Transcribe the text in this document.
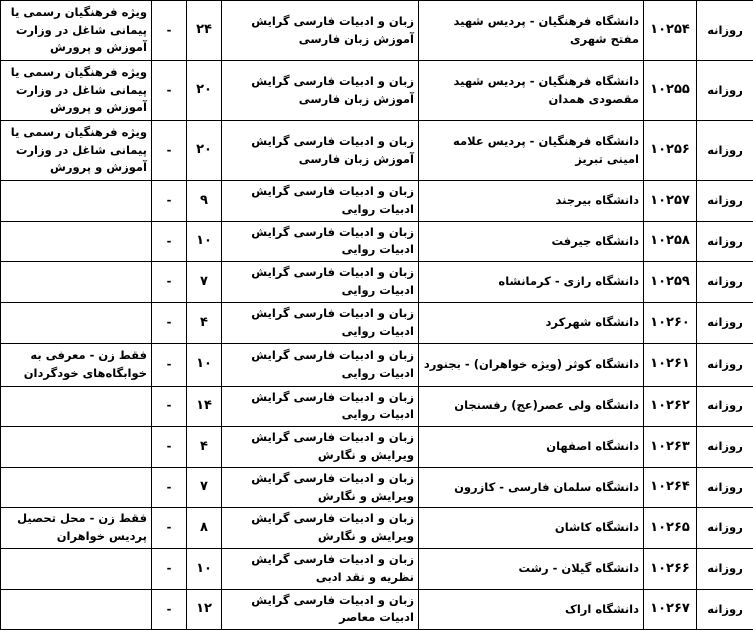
روزانه	۱۰۲۵۴	دانشگاه فرهنگیان - پردیس شهید مفتح شهری	زبان و ادبیات فارسی گرایش آموزش زبان فارسی	۲۴	-	ویژه فرهنگیان رسمی یا پیمانی شاغل در وزارت آموزش و پرورش
روزانه	۱۰۲۵۵	دانشگاه فرهنگیان - پردیس شهید مقصودی همدان	زبان و ادبیات فارسی گرایش آموزش زبان فارسی	۲۰	-	ویژه فرهنگیان رسمی یا پیمانی شاغل در وزارت آموزش و پرورش
روزانه	۱۰۲۵۶	دانشگاه فرهنگیان - پردیس علامه امینی تبریز	زبان و ادبیات فارسی گرایش آموزش زبان فارسی	۲۰	-	ویژه فرهنگیان رسمی یا پیمانی شاغل در وزارت آموزش و پرورش
روزانه	۱۰۲۵۷	دانشگاه بیرجند	زبان و ادبیات فارسی گرایش ادبیات روایی	۹	-	
روزانه	۱۰۲۵۸	دانشگاه جیرفت	زبان و ادبیات فارسی گرایش ادبیات روایی	۱۰	-	
روزانه	۱۰۲۵۹	دانشگاه رازی - کرمانشاه	زبان و ادبیات فارسی گرایش ادبیات روایی	۷	-	
روزانه	۱۰۲۶۰	دانشگاه شهرکرد	زبان و ادبیات فارسی گرایش ادبیات روایی	۴	-	
روزانه	۱۰۲۶۱	دانشگاه کوثر (ویژه خواهران) - بجنورد	زبان و ادبیات فارسی گرایش ادبیات روایی	۱۰	-	فقط زن - معرفی به خوابگاه‌های خودگردان
روزانه	۱۰۲۶۲	دانشگاه ولی عصر(عج) رفسنجان	زبان و ادبیات فارسی گرایش ادبیات روایی	۱۴	-	
روزانه	۱۰۲۶۳	دانشگاه اصفهان	زبان و ادبیات فارسی گرایش ویرایش و نگارش	۴	-	
روزانه	۱۰۲۶۴	دانشگاه سلمان فارسی - کازرون	زبان و ادبیات فارسی گرایش ویرایش و نگارش	۷	-	
روزانه	۱۰۲۶۵	دانشگاه کاشان	زبان و ادبیات فارسی گرایش ویرایش و نگارش	۸	-	فقط زن - محل تحصیل پردیس خواهران
روزانه	۱۰۲۶۶	دانشگاه گیلان - رشت	زبان و ادبیات فارسی گرایش نظریه و نقد ادبی	۱۰	-	
روزانه	۱۰۲۶۷	دانشگاه اراک	زبان و ادبیات فارسی گرایش ادبیات معاصر	۱۲	-	
